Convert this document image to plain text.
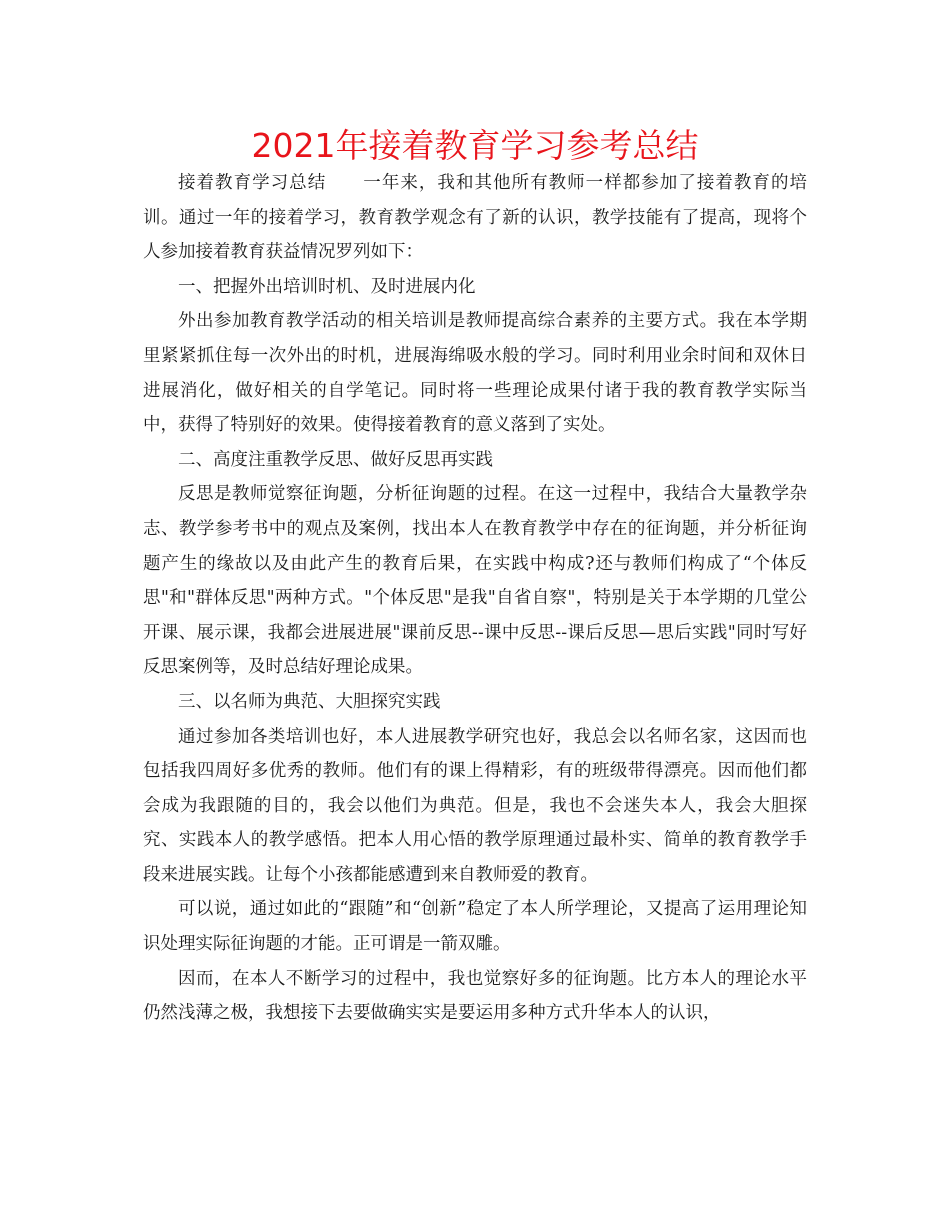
2021年接着教育学习参考总结

接着教育学习总结　　一年来，我和其他所有教师一样都参加了接着教育的培训。通过一年的接着学习，教育教学观念有了新的认识，教学技能有了提高，现将个人参加接着教育获益情况罗列如下：

一、把握外出培训时机、及时进展内化

外出参加教育教学活动的相关培训是教师提高综合素养的主要方式。我在本学期里紧紧抓住每一次外出的时机，进展海绵吸水般的学习。同时利用业余时间和双休日进展消化，做好相关的自学笔记。同时将一些理论成果付诸于我的教育教学实际当中，获得了特别好的效果。使得接着教育的意义落到了实处。

二、高度注重教学反思、做好反思再实践

反思是教师觉察征询题，分析征询题的过程。在这一过程中，我结合大量教学杂志、教学参考书中的观点及案例，找出本人在教育教学中存在的征询题，并分析征询题产生的缘故以及由此产生的教育后果，在实践中构成?还与教师们构成了“个体反思"和"群体反思"两种方式。"个体反思"是我"自省自察"，特别是关于本学期的几堂公开课、展示课，我都会进展进展"课前反思--课中反思--课后反思—思后实践"同时写好反思案例等，及时总结好理论成果。

三、以名师为典范、大胆探究实践

通过参加各类培训也好，本人进展教学研究也好，我总会以名师名家，这因而也包括我四周好多优秀的教师。他们有的课上得精彩，有的班级带得漂亮。因而他们都会成为我跟随的目的，我会以他们为典范。但是，我也不会迷失本人，我会大胆探究、实践本人的教学感悟。把本人用心悟的教学原理通过最朴实、简单的教育教学手段来进展实践。让每个小孩都能感遭到来自教师爱的教育。

可以说，通过如此的“跟随”和“创新”稳定了本人所学理论，又提高了运用理论知识处理实际征询题的才能。正可谓是一箭双雕。

因而，在本人不断学习的过程中，我也觉察好多的征询题。比方本人的理论水平仍然浅薄之极，我想接下去要做确实实是要运用多种方式升华本人的认识，
